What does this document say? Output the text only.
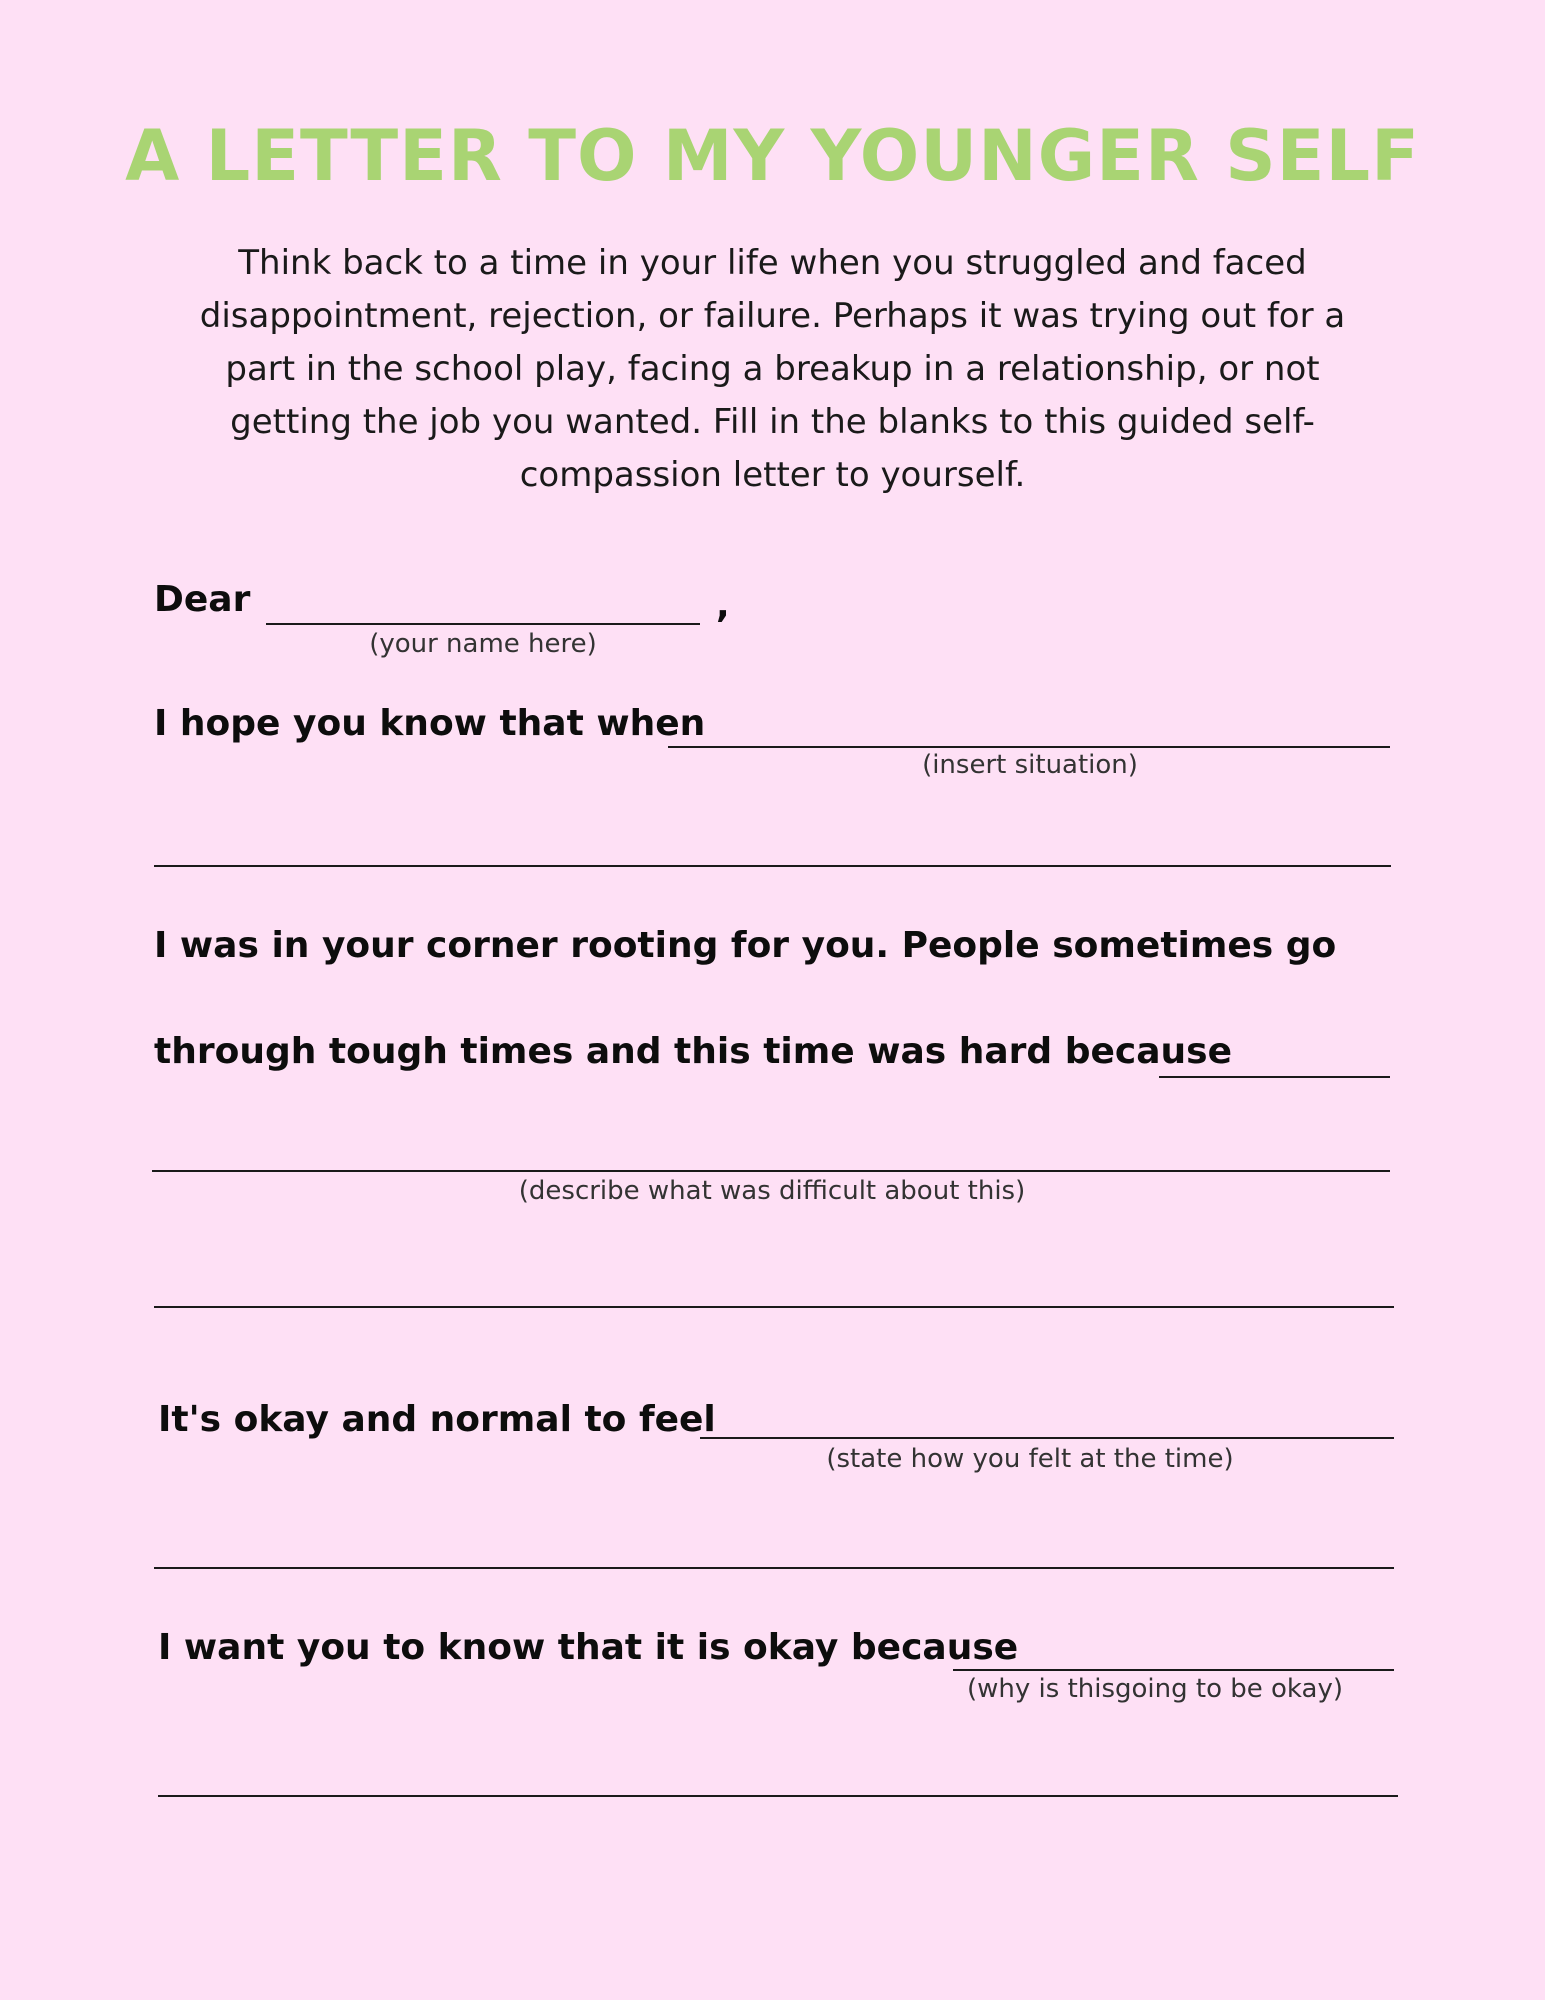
A LETTER TO MY YOUNGER SELF

Think back to a time in your life when you struggled and faced disappointment, rejection, or failure. Perhaps it was trying out for a part in the school play, facing a breakup in a relationship, or not getting the job you wanted. Fill in the blanks to this guided self-compassion letter to yourself.

Dear	,
(your name here)
I hope you know that when
(insert situation)
I was in your corner rooting for you. People sometimes go
through tough times and this time was hard because
(describe what was difficult about this)
It's okay and normal to feel
(state how you felt at the time)
I want you to know that it is okay because
(why is thisgoing to be okay)
